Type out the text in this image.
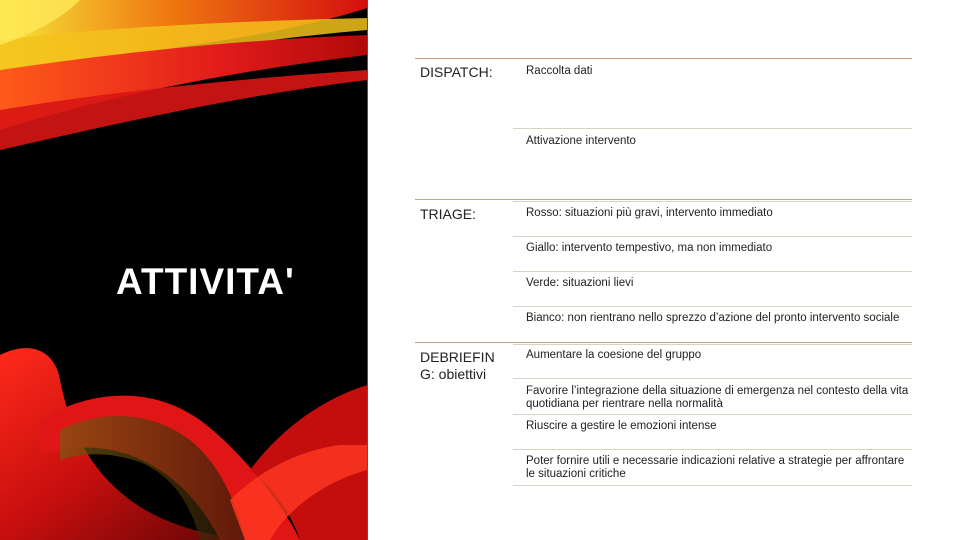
ATTIVITA'
DISPATCH:	Raccolta dati
Attivazione intervento
TRIAGE:	Rosso: situazioni più gravi, intervento immediato
Giallo: intervento tempestivo, ma non immediato
Verde: situazioni lievi
Bianco: non rientrano nello sprezzo d’azione del pronto intervento sociale
DEBRIEFIN G: obiettivi
Aumentare la coesione del gruppo
Favorire l’integrazione della situazione di emergenza nel contesto della vita quotidiana per rientrare nella normalità
Riuscire a gestire le emozioni intense
Poter fornire utili e necessarie indicazioni relative a strategie per affrontare le situazioni critiche
